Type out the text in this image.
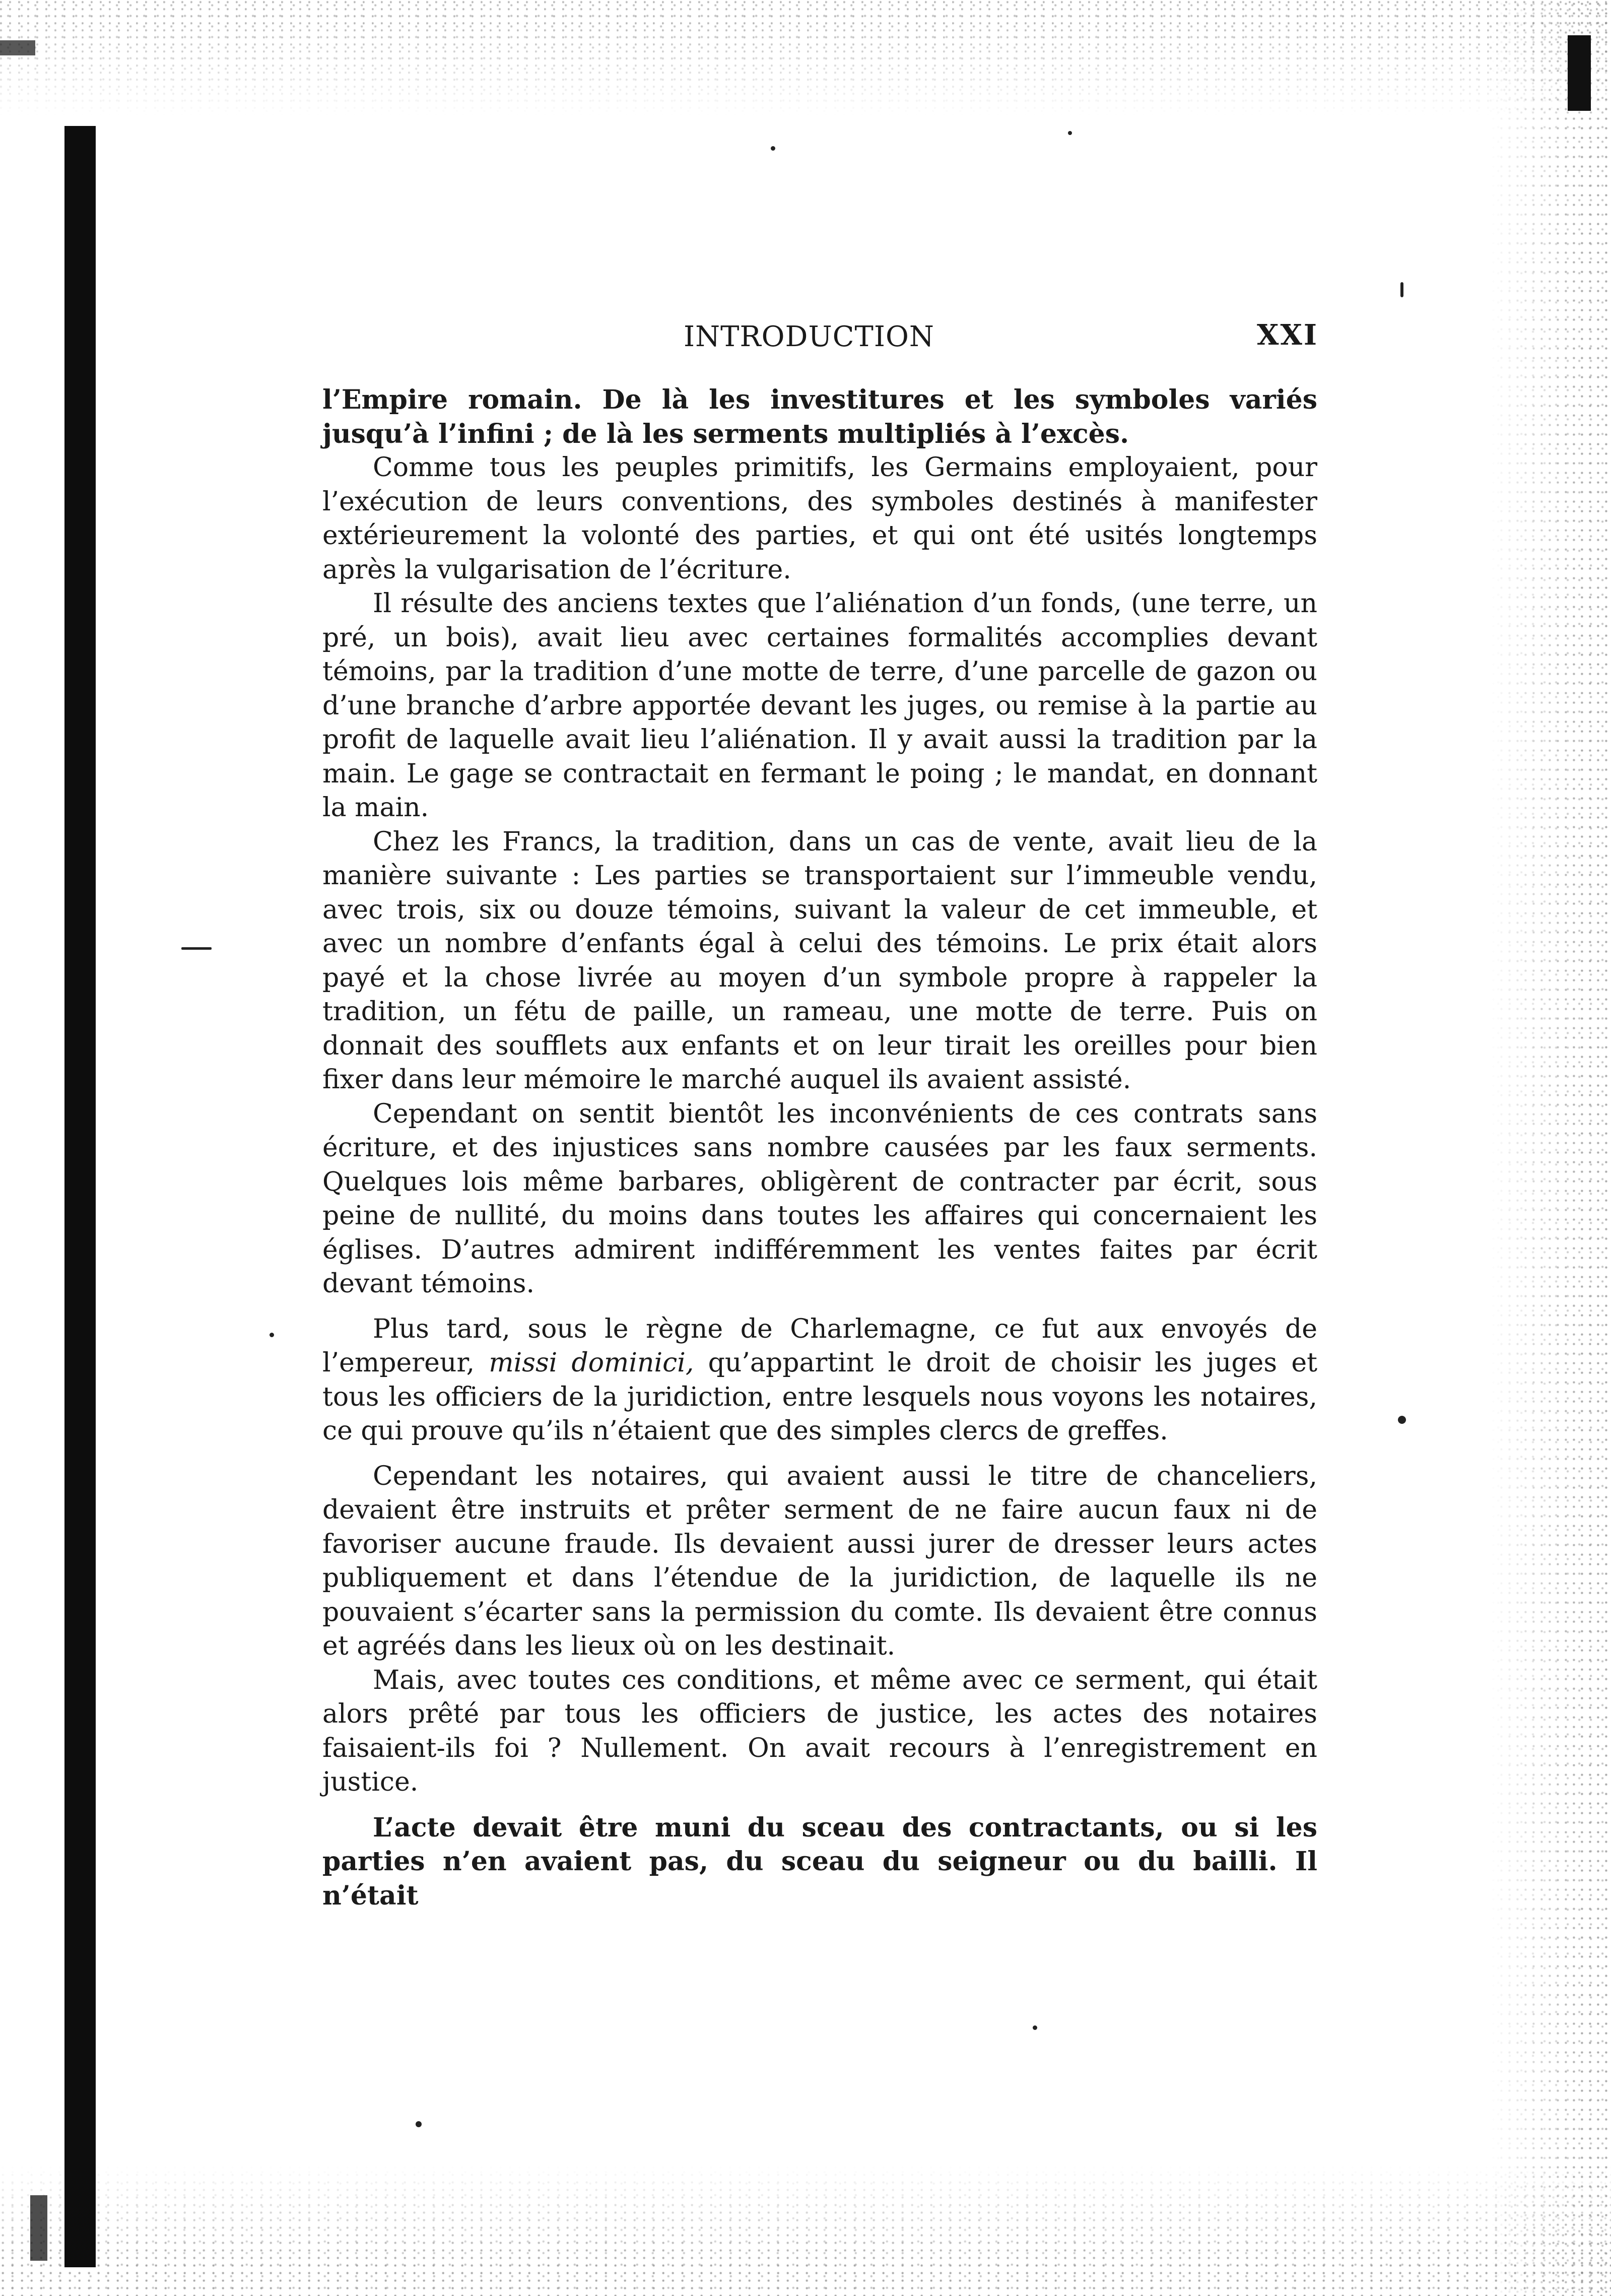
INTRODUCTION	XXI

l’Empire romain. De là les investitures et les symboles variés jusqu’à l’infini ; de là les serments multipliés à l’excès.

Comme tous les peuples primitifs, les Germains employaient, pour l’exécution de leurs conventions, des symboles destinés à manifester extérieurement la volonté des parties, et qui ont été usités longtemps après la vulgarisation de l’écriture.

Il résulte des anciens textes que l’aliénation d’un fonds, (une terre, un pré, un bois), avait lieu avec certaines formalités accomplies devant témoins, par la tradition d’une motte de terre, d’une parcelle de gazon ou d’une branche d’arbre apportée devant les juges, ou remise à la partie au profit de laquelle avait lieu l’aliénation. Il y avait aussi la tradition par la main. Le gage se contractait en fermant le poing ; le mandat, en donnant la main.

Chez les Francs, la tradition, dans un cas de vente, avait lieu de la manière suivante : Les parties se transportaient sur l’immeuble vendu, avec trois, six ou douze témoins, suivant la valeur de cet immeuble, et avec un nombre d’enfants égal à celui des témoins. Le prix était alors payé et la chose livrée au moyen d’un symbole propre à rappeler la tradition, un fétu de paille, un rameau, une motte de terre. Puis on donnait des soufflets aux enfants et on leur tirait les oreilles pour bien fixer dans leur mémoire le marché auquel ils avaient assisté.

Cependant on sentit bientôt les inconvénients de ces contrats sans écriture, et des injustices sans nombre causées par les faux serments. Quelques lois même barbares, obligèrent de contracter par écrit, sous peine de nullité, du moins dans toutes les affaires qui concernaient les églises. D’autres admirent indifféremment les ventes faites par écrit devant témoins.

Plus tard, sous le règne de Charlemagne, ce fut aux envoyés de l’empereur, missi dominici, qu’appartint le droit de choisir les juges et tous les officiers de la juridiction, entre lesquels nous voyons les notaires, ce qui prouve qu’ils n’étaient que des simples clercs de greffes.

Cependant les notaires, qui avaient aussi le titre de chanceliers, devaient être instruits et prêter serment de ne faire aucun faux ni de favoriser aucune fraude. Ils devaient aussi jurer de dresser leurs actes publiquement et dans l’étendue de la juridiction, de laquelle ils ne pouvaient s’écarter sans la permission du comte. Ils devaient être connus et agréés dans les lieux où on les destinait.

Mais, avec toutes ces conditions, et même avec ce serment, qui était alors prêté par tous les officiers de justice, les actes des notaires faisaient-ils foi ? Nullement. On avait recours à l’enregistrement en justice.

L’acte devait être muni du sceau des contractants, ou si les parties n’en avaient pas, du sceau du seigneur ou du bailli. Il n’était
